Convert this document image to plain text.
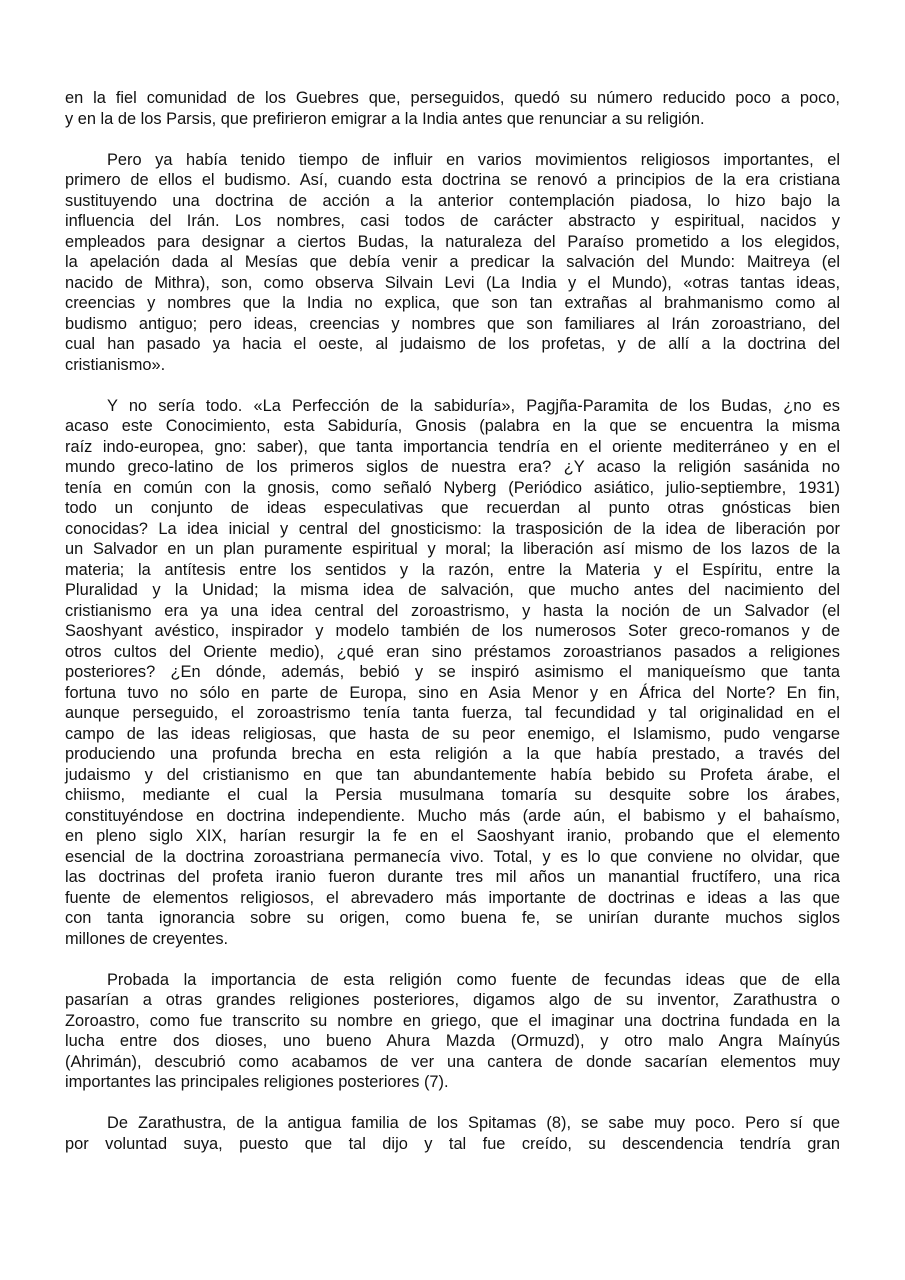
en la fiel comunidad de los Guebres que, perseguidos, quedó su número reducido poco a poco,
y en la de los Parsis, que prefirieron emigrar a la India antes que renunciar a su religión.
Pero ya había tenido tiempo de influir en varios movimientos religiosos importantes, el
primero de ellos el budismo. Así, cuando esta doctrina se renovó a principios de la era cristiana
sustituyendo una doctrina de acción a la anterior contemplación piadosa, lo hizo bajo la
influencia del Irán. Los nombres, casi todos de carácter abstracto y espiritual, nacidos y
empleados para designar a ciertos Budas, la naturaleza del Paraíso prometido a los elegidos,
la apelación dada al Mesías que debía venir a predicar la salvación del Mundo: Maitreya (el
nacido de Mithra), son, como observa Silvain Levi (La India y el Mundo), «otras tantas ideas,
creencias y nombres que la India no explica, que son tan extrañas al brahmanismo como al
budismo antiguo; pero ideas, creencias y nombres que son familiares al Irán zoroastriano, del
cual han pasado ya hacia el oeste, al judaismo de los profetas, y de allí a la doctrina del
cristianismo».
Y no sería todo. «La Perfección de la sabiduría», Pagjña-Paramita de los Budas, ¿no es
acaso este Conocimiento, esta Sabiduría, Gnosis (palabra en la que se encuentra la misma
raíz indo-europea, gno: saber), que tanta importancia tendría en el oriente mediterráneo y en el
mundo greco-latino de los primeros siglos de nuestra era? ¿Y acaso la religión sasánida no
tenía en común con la gnosis, como señaló Nyberg (Periódico asiático, julio-septiembre, 1931)
todo un conjunto de ideas especulativas que recuerdan al punto otras gnósticas bien
conocidas? La idea inicial y central del gnosticismo: la trasposición de la idea de liberación por
un Salvador en un plan puramente espiritual y moral; la liberación así mismo de los lazos de la
materia; la antítesis entre los sentidos y la razón, entre la Materia y el Espíritu, entre la
Pluralidad y la Unidad; la misma idea de salvación, que mucho antes del nacimiento del
cristianismo era ya una idea central del zoroastrismo, y hasta la noción de un Salvador (el
Saoshyant avéstico, inspirador y modelo también de los numerosos Soter greco-romanos y de
otros cultos del Oriente medio), ¿qué eran sino préstamos zoroastrianos pasados a religiones
posteriores? ¿En dónde, además, bebió y se inspiró asimismo el maniqueísmo que tanta
fortuna tuvo no sólo en parte de Europa, sino en Asia Menor y en África del Norte? En fin,
aunque perseguido, el zoroastrismo tenía tanta fuerza, tal fecundidad y tal originalidad en el
campo de las ideas religiosas, que hasta de su peor enemigo, el Islamismo, pudo vengarse
produciendo una profunda brecha en esta religión a la que había prestado, a través del
judaismo y del cristianismo en que tan abundantemente había bebido su Profeta árabe, el
chiismo, mediante el cual la Persia musulmana tomaría su desquite sobre los árabes,
constituyéndose en doctrina independiente. Mucho más (arde aún, el babismo y el bahaísmo,
en pleno siglo XIX, harían resurgir la fe en el Saoshyant iranio, probando que el elemento
esencial de la doctrina zoroastriana permanecía vivo. Total, y es lo que conviene no olvidar, que
las doctrinas del profeta iranio fueron durante tres mil años un manantial fructífero, una rica
fuente de elementos religiosos, el abrevadero más importante de doctrinas e ideas a las que
con tanta ignorancia sobre su origen, como buena fe, se unirían durante muchos siglos
millones de creyentes.
Probada la importancia de esta religión como fuente de fecundas ideas que de ella
pasarían a otras grandes religiones posteriores, digamos algo de su inventor, Zarathustra o
Zoroastro, como fue transcrito su nombre en griego, que el imaginar una doctrina fundada en la
lucha entre dos dioses, uno bueno Ahura Mazda (Ormuzd), y otro malo Angra Maínyús
(Ahrimán), descubrió como acabamos de ver una cantera de donde sacarían elementos muy
importantes las principales religiones posteriores (7).
De Zarathustra, de la antigua familia de los Spitamas (8), se sabe muy poco. Pero sí que
por voluntad suya, puesto que tal dijo y tal fue creído, su descendencia tendría gran
